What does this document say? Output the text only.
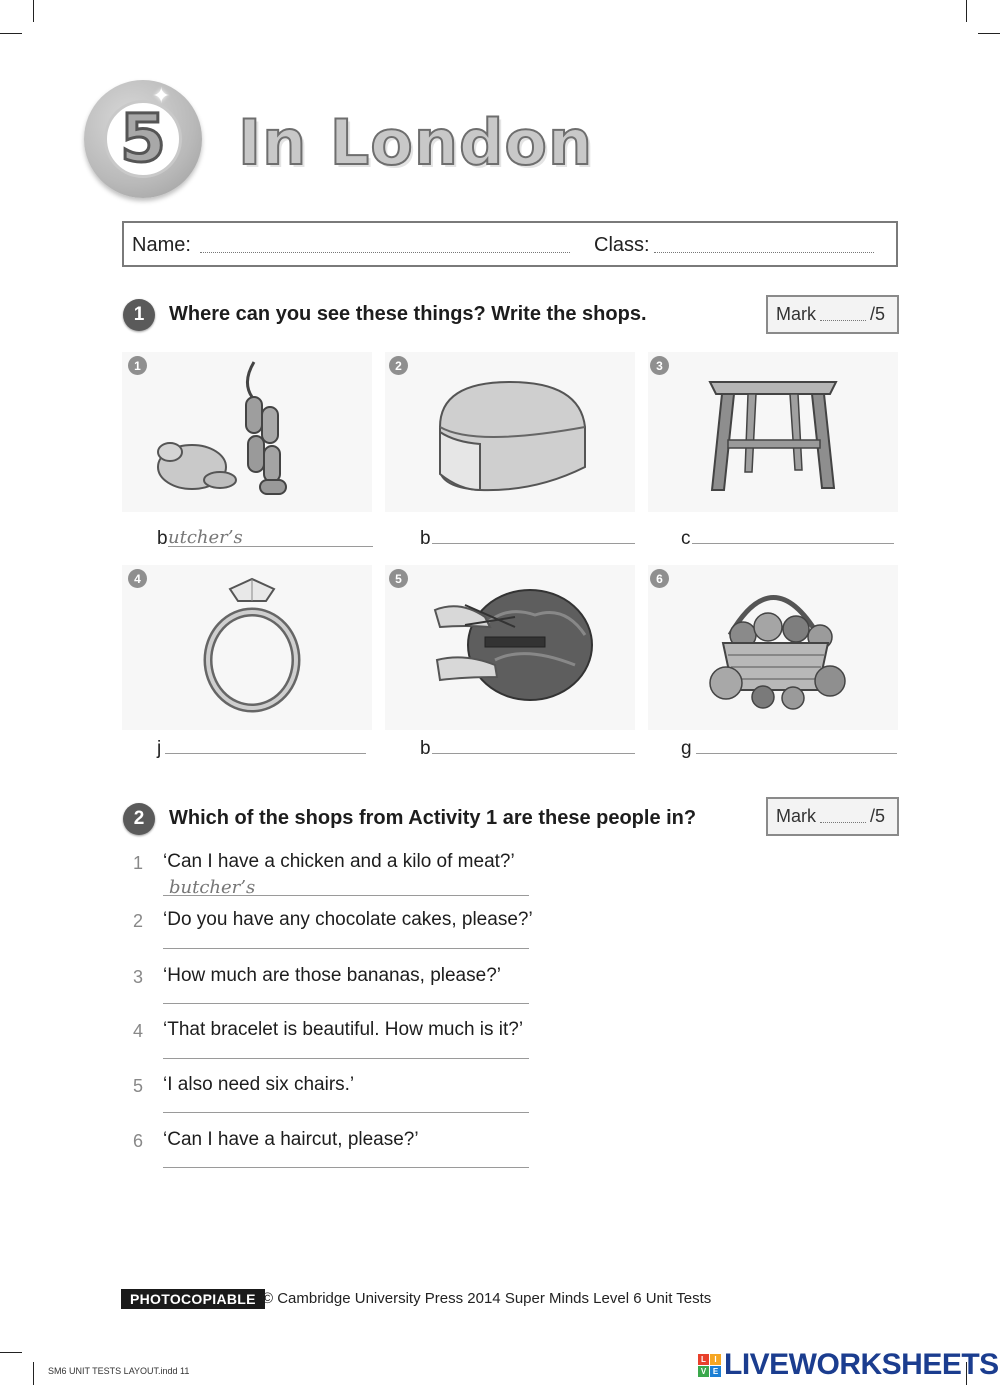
5
✦
In London
Name:	Class:
1	Where can you see these things? Write the shops.	Mark	/5
1
b utcher’s
2
b
3
c
4
j
5
b
6
g
2	Which of the shops from Activity 1 are these people in?	Mark	/5
1 ‘Can I have a chicken and a kilo of meat?’
butcher’s
2 ‘Do you have any chocolate cakes, please?’
3 ‘How much are those bananas, please?’
4 ‘That bracelet is beautiful. How much is it?’
5 ‘I also need six chairs.’
6 ‘Can I have a haircut, please?’
PHOTOCOPIABLE © Cambridge University Press 2014 Super Minds Level 6 Unit Tests
SM6 UNIT TESTS LAYOUT.indd 11
L	I
V E LIVEWORKSHEETS
